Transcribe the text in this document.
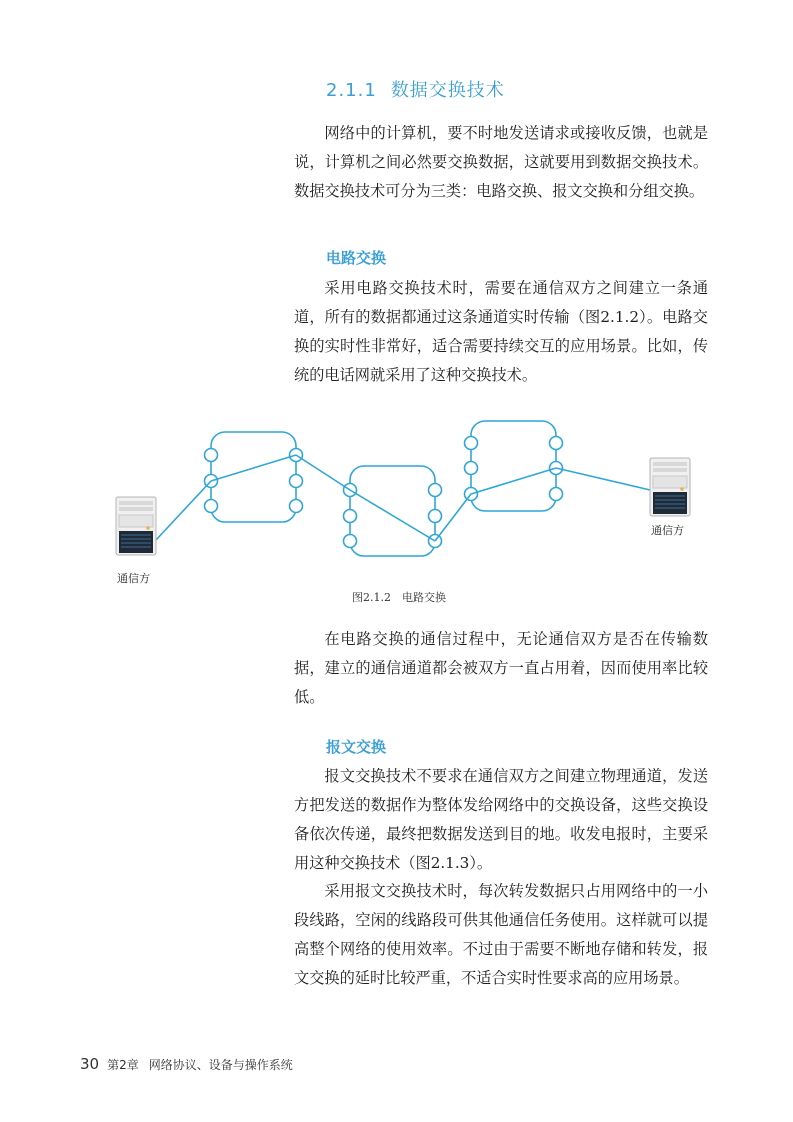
2.1.1 数据交换技术

网络中的计算机，要不时地发送请求或接收反馈，也就是说，计算机之间必然要交换数据，这就要用到数据交换技术。数据交换技术可分为三类：电路交换、报文交换和分组交换。

电路交换

采用电路交换技术时，需要在通信双方之间建立一条通道，所有的数据都通过这条通道实时传输（图2.1.2）。电路交换的实时性非常好，适合需要持续交互的应用场景。比如，传统的电话网就采用了这种交换技术。

通信方
通信方
图2.1.2　电路交换

在电路交换的通信过程中，无论通信双方是否在传输数据，建立的通信通道都会被双方一直占用着，因而使用率比较低。

报文交换

报文交换技术不要求在通信双方之间建立物理通道，发送方把发送的数据作为整体发给网络中的交换设备，这些交换设备依次传递，最终把数据发送到目的地。收发电报时，主要采用这种交换技术（图2.1.3）。

采用报文交换技术时，每次转发数据只占用网络中的一小段线路，空闲的线路段可供其他通信任务使用。这样就可以提高整个网络的使用效率。不过由于需要不断地存储和转发，报文交换的延时比较严重，不适合实时性要求高的应用场景。

30 第2章 网络协议、设备与操作系统
